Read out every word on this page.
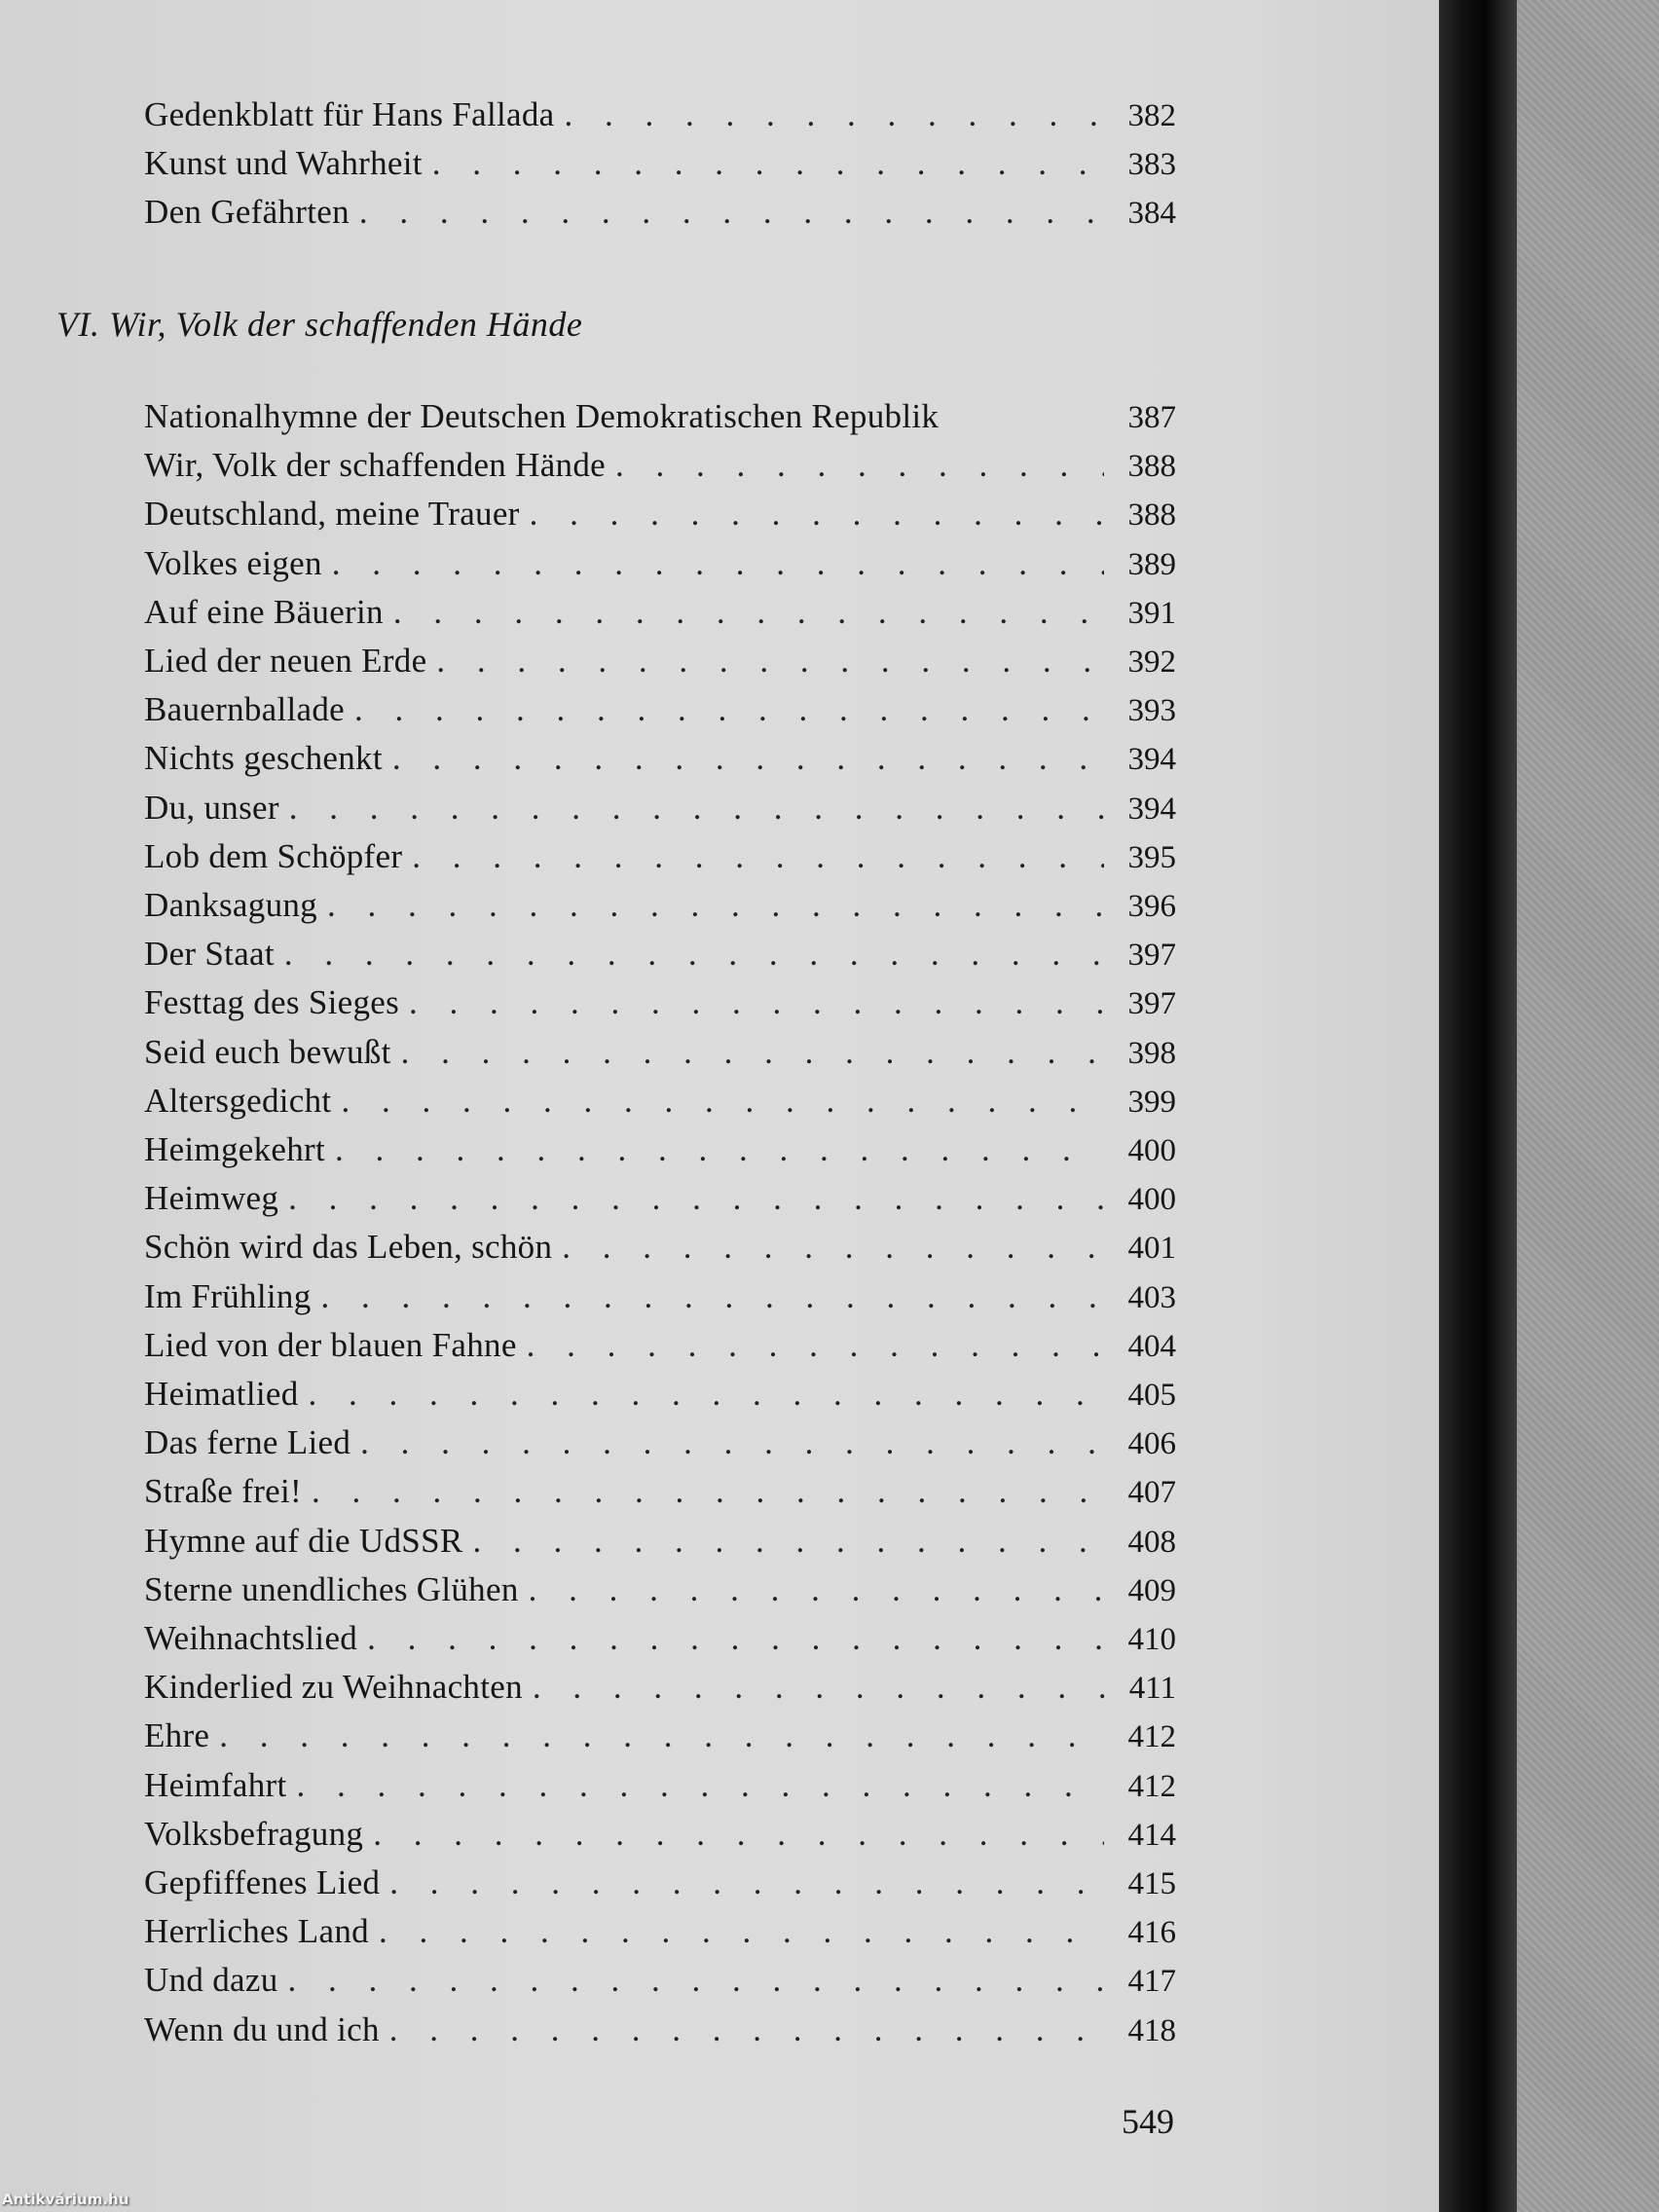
Gedenkblatt für Hans Fallada . . .	382
Kunst und Wahrheit . . .	383
Den Gefährten . . .	384
VI. Wir, Volk der schaffenden Hände
Nationalhymne der Deutschen Demokratischen Republik	387
Wir, Volk der schaffenden Hände . . .	388
Deutschland, meine Trauer . . .	388
Volkes eigen . . .	389
Auf eine Bäuerin . . .	391
Lied der neuen Erde . . .	392
Bauernballade . . .	393
Nichts geschenkt . . .	394
Du, unser . . .	394
Lob dem Schöpfer . . .	395
Danksagung . . .	396
Der Staat . . .	397
Festtag des Sieges . . .	397
Seid euch bewußt . . .	398
Altersgedicht . . .	399
Heimgekehrt . . .	400
Heimweg . . .	400
Schön wird das Leben, schön . . .	401
Im Frühling . . .	403
Lied von der blauen Fahne . . .	404
Heimatlied . . .	405
Das ferne Lied . . .	406
Straße frei! . . .	407
Hymne auf die UdSSR . . .	408
Sterne unendliches Glühen . . .	409
Weihnachtslied . . .	410
Kinderlied zu Weihnachten . . .	411
Ehre . . .	412
Heimfahrt . . .	412
Volksbefragung . . .	414
Gepfiffenes Lied . . .	415
Herrliches Land . . .	416
Und dazu . . .	417
Wenn du und ich . . .	418
549
Antikvárium.hu
